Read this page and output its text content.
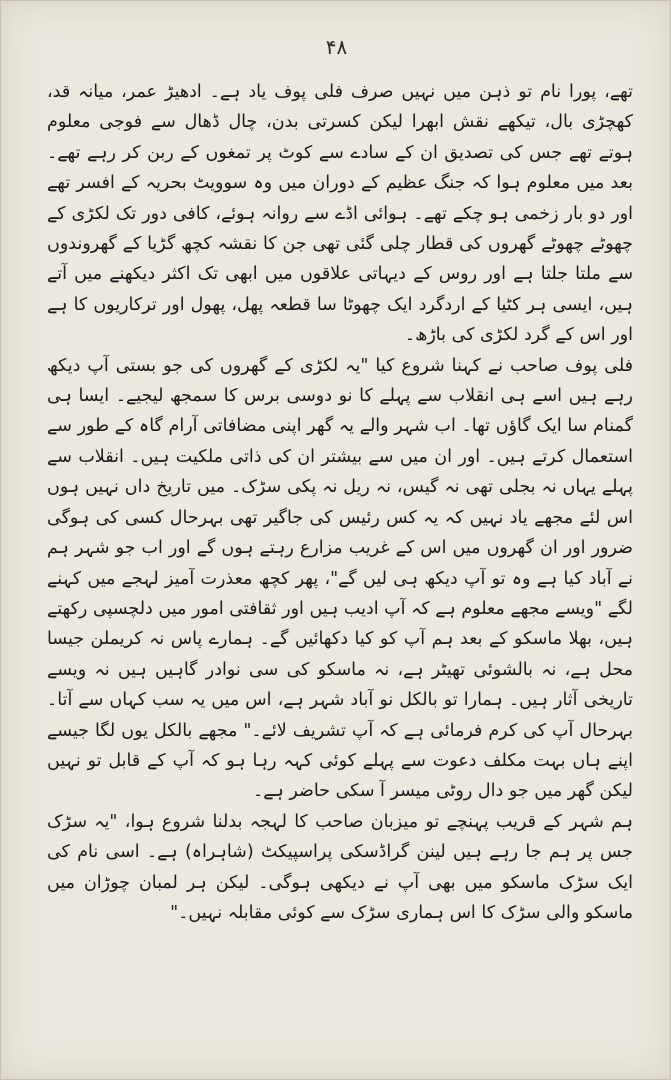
۴۸

تھے، پورا نام تو ذہن میں نہیں صرف فلی پوف یاد ہے۔ ادھیڑ عمر، میانہ قد، کھچڑی بال، تیکھے نقش ابھرا لیکن کسرتی بدن، چال ڈھال سے فوجی معلوم ہوتے تھے جس کی تصدیق ان کے سادے سے کوٹ پر تمغوں کے ربن کر رہے تھے۔ بعد میں معلوم ہوا کہ جنگ عظیم کے دوران میں وہ سوویٹ بحریہ کے افسر تھے اور دو بار زخمی ہو چکے تھے۔ ہوائی اڈے سے روانہ ہوئے، کافی دور تک لکڑی کے چھوٹے چھوٹے گھروں کی قطار چلی گئی تھی جن کا نقشہ کچھ گڑیا کے گھروندوں سے ملتا جلتا ہے اور روس کے دیہاتی علاقوں میں ابھی تک اکثر دیکھنے میں آتے ہیں، ایسی ہر کٹیا کے اردگرد ایک چھوٹا سا قطعہ پھل، پھول اور ترکاریوں کا ہے اور اس کے گرد لکڑی کی باڑھ۔

فلی پوف صاحب نے کہنا شروع کیا "یہ لکڑی کے گھروں کی جو بستی آپ دیکھ رہے ہیں اسے ہی انقلاب سے پہلے کا نو دوسی برس کا سمجھ لیجیے۔ ایسا ہی گمنام سا ایک گاؤں تھا۔ اب شہر والے یہ گھر اپنی مضافاتی آرام گاہ کے طور سے استعمال کرتے ہیں۔ اور ان میں سے بیشتر ان کی ذاتی ملکیت ہیں۔ انقلاب سے پہلے یہاں نہ بجلی تھی نہ گیس، نہ ریل نہ پکی سڑک۔ میں تاریخ داں نہیں ہوں اس لئے مجھے یاد نہیں کہ یہ کس رئیس کی جاگیر تھی بہرحال کسی کی ہوگی ضرور اور ان گھروں میں اس کے غریب مزارع رہتے ہوں گے اور اب جو شہر ہم نے آباد کیا ہے وہ تو آپ دیکھ ہی لیں گے"، پھر کچھ معذرت آمیز لہجے میں کہنے لگے "ویسے مجھے معلوم ہے کہ آپ ادیب ہیں اور ثقافتی امور میں دلچسپی رکھتے ہیں، بھلا ماسکو کے بعد ہم آپ کو کیا دکھائیں گے۔ ہمارے پاس نہ کریملن جیسا محل ہے، نہ بالشوئی تھیٹر ہے، نہ ماسکو کی سی نوادر گاہیں ہیں نہ ویسے تاریخی آثار ہیں۔ ہمارا تو بالکل نو آباد شہر ہے، اس میں یہ سب کہاں سے آتا۔ بہرحال آپ کی کرم فرمائی ہے کہ آپ تشریف لائے۔" مجھے بالکل یوں لگا جیسے اپنے ہاں بہت مکلف دعوت سے پہلے کوئی کہہ رہا ہو کہ آپ کے قابل تو نہیں لیکن گھر میں جو دال روٹی میسر آ سکی حاضر ہے۔

ہم شہر کے قریب پہنچے تو میزبان صاحب کا لہجہ بدلنا شروع ہوا، "یہ سڑک جس پر ہم جا رہے ہیں لینن گراڈسکی پراسپیکٹ (شاہراہ) ہے۔ اسی نام کی ایک سڑک ماسکو میں بھی آپ نے دیکھی ہوگی۔ لیکن ہر لمبان چوڑان میں ماسکو والی سڑک کا اس ہماری سڑک سے کوئی مقابلہ نہیں۔"
